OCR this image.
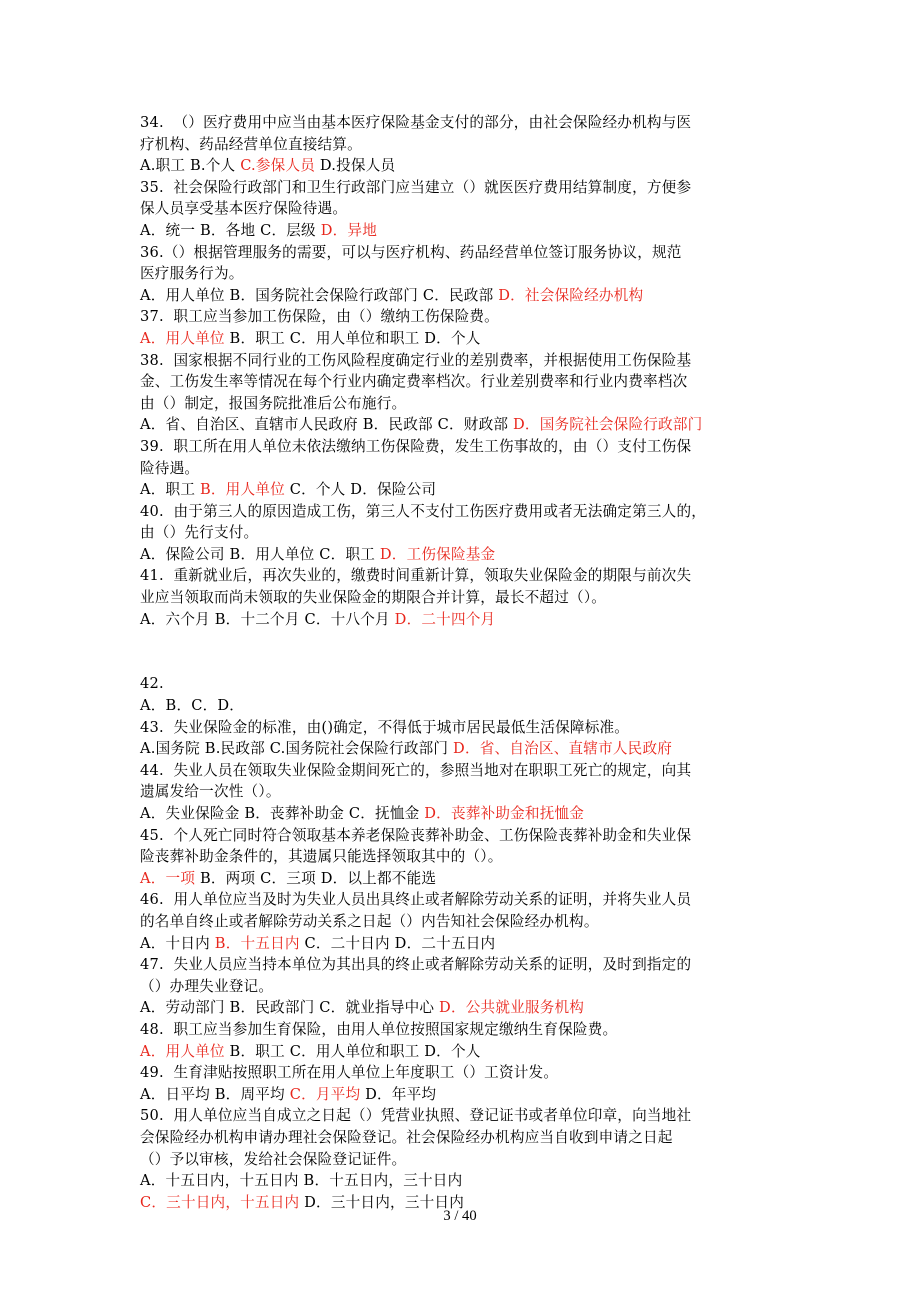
34.  （）医疗费用中应当由基本医疗保险基金支付的部分，由社会保险经办机构与医
疗机构、药品经营单位直接结算。
A.职工 B.个人 C.参保人员 D.投保人员
35.  社会保险行政部门和卫生行政部门应当建立（）就医医疗费用结算制度，方便参
保人员享受基本医疗保险待遇。
A．统一 B．各地 C．层级 D．异地
36.（）根据管理服务的需要，可以与医疗机构、药品经营单位签订服务协议，规范
医疗服务行为。
A．用人单位 B．国务院社会保险行政部门 C．民政部 D．社会保险经办机构
37.  职工应当参加工伤保险，由（）缴纳工伤保险费。
A．用人单位 B．职工 C．用人单位和职工 D．个人
38.  国家根据不同行业的工伤风险程度确定行业的差别费率，并根据使用工伤保险基
金、工伤发生率等情况在每个行业内确定费率档次。行业差别费率和行业内费率档次
由（）制定，报国务院批准后公布施行。
A．省、自治区、直辖市人民政府 B．民政部 C．财政部 D．国务院社会保险行政部门
39.  职工所在用人单位未依法缴纳工伤保险费，发生工伤事故的，由（）支付工伤保
险待遇。
A．职工 B．用人单位 C．个人 D．保险公司
40.  由于第三人的原因造成工伤，第三人不支付工伤医疗费用或者无法确定第三人的，
由（）先行支付。
A．保险公司 B．用人单位 C．职工 D．工伤保险基金
41.  重新就业后，再次失业的，缴费时间重新计算，领取失业保险金的期限与前次失
业应当领取而尚未领取的失业保险金的期限合并计算，最长不超过（）。
A．六个月 B．十二个月 C．十八个月 D．二十四个月
42.
A．B．C．D．
43.  失业保险金的标准，由()确定，不得低于城市居民最低生活保障标准。
A.国务院 B.民政部 C.国务院社会保险行政部门 D．省、自治区、直辖市人民政府
44.  失业人员在领取失业保险金期间死亡的，参照当地对在职职工死亡的规定，向其
遗属发给一次性（）。
A．失业保险金 B．丧葬补助金 C．抚恤金 D．丧葬补助金和抚恤金
45.  个人死亡同时符合领取基本养老保险丧葬补助金、工伤保险丧葬补助金和失业保
险丧葬补助金条件的，其遗属只能选择领取其中的（）。
A．一项 B．两项 C．三项 D．以上都不能选
46.  用人单位应当及时为失业人员出具终止或者解除劳动关系的证明，并将失业人员
的名单自终止或者解除劳动关系之日起（）内告知社会保险经办机构。
A．十日内 B．十五日内 C．二十日内 D．二十五日内
47.  失业人员应当持本单位为其出具的终止或者解除劳动关系的证明，及时到指定的
（）办理失业登记。
A．劳动部门 B．民政部门 C．就业指导中心 D．公共就业服务机构
48.  职工应当参加生育保险，由用人单位按照国家规定缴纳生育保险费。
A．用人单位 B．职工 C．用人单位和职工 D．个人
49.  生育津贴按照职工所在用人单位上年度职工（）工资计发。
A．日平均 B．周平均 C．月平均 D．年平均
50.  用人单位应当自成立之日起（）凭营业执照、登记证书或者单位印章，向当地社
会保险经办机构申请办理社会保险登记。社会保险经办机构应当自收到申请之日起
（）予以审核，发给社会保险登记证件。
A．十五日内，十五日内 B．十五日内，三十日内
C．三十日内，十五日内 D．三十日内，三十日内
3 / 40
